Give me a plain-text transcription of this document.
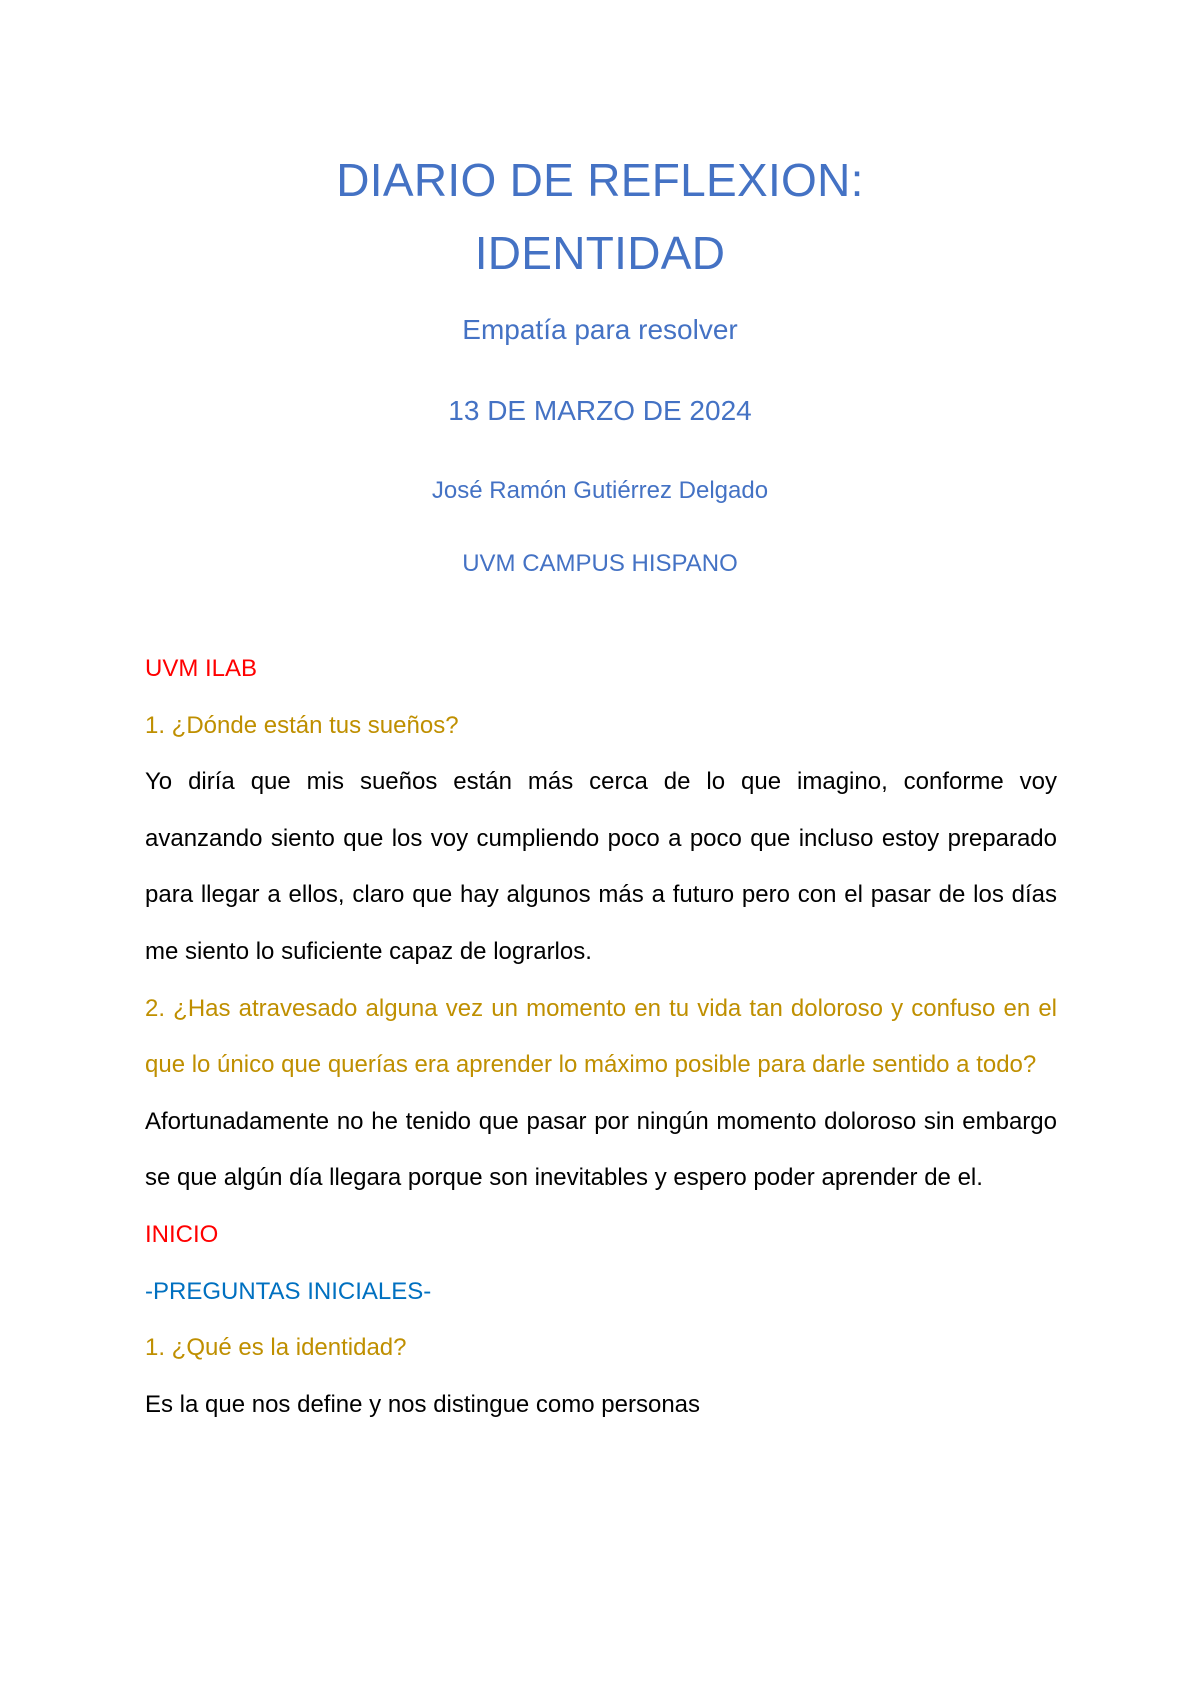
DIARIO DE REFLEXION:
IDENTIDAD
Empatía para resolver
13 DE MARZO DE 2024
José Ramón Gutiérrez Delgado
UVM CAMPUS HISPANO

UVM ILAB

1. ¿Dónde están tus sueños?

Yo diría que mis sueños están más cerca de lo que imagino, conforme voy avanzando siento que los voy cumpliendo poco a poco que incluso estoy preparado para llegar a ellos, claro que hay algunos más a futuro pero con el pasar de los días me siento lo suficiente capaz de lograrlos.

2. ¿Has atravesado alguna vez un momento en tu vida tan doloroso y confuso en el que lo único que querías era aprender lo máximo posible para darle sentido a todo?

Afortunadamente no he tenido que pasar por ningún momento doloroso sin embargo se que algún día llegara porque son inevitables y espero poder aprender de el.

INICIO

-PREGUNTAS INICIALES-

1. ¿Qué es la identidad?

Es la que nos define y nos distingue como personas
